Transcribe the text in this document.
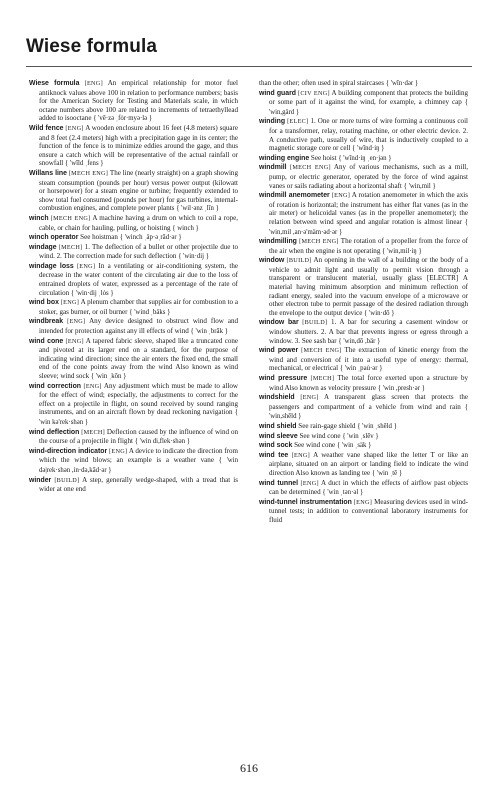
Wiese formula

Wiese formula [ENG] An empirical relationship for motor fuel antiknock values above 100 in relation to performance numbers; basis for the American Society for Testing and Materials scale, in which octane numbers above 100 are related to increments of tetraethyllead added to isooctane { 'vē·zə ˌfȯr·myə·lə }

Wild fence [ENG] A wooden enclosure about 16 feet (4.8 meters) square and 8 feet (2.4 meters) high with a precipitation gage in its center; the function of the fence is to minimize eddies around the gage, and thus ensure a catch which will be representative of the actual rainfall or snowfall { 'wīld ˌfens }

Willans line [MECH ENG] The line (nearly straight) on a graph showing steam consumption (pounds per hour) versus power output (kilowatt or horsepower) for a steam engine or turbine; frequently extended to show total fuel consumed (pounds per hour) for gas turbines, internal-combustion engines, and complete power plants { 'wil·ənz ˌlīn }

winch [MECH ENG] A machine having a drum on which to coil a rope, cable, or chain for hauling, pulling, or hoisting { winch }

winch operator See hoistman { 'winch ˌäp·əˌrād·ər }

windage [MECH] 1. The deflection of a bullet or other projectile due to wind. 2. The correction made for such deflection { 'win·dij }

windage loss [ENG] In a ventilating or air-conditioning system, the decrease in the water content of the circulating air due to the loss of entrained droplets of water, expressed as a percentage of the rate of circulation { 'win·dij ˌlȯs }

wind box [ENG] A plenum chamber that supplies air for combustion to a stoker, gas burner, or oil burner { 'wind ˌbäks }

windbreak [ENG] Any device designed to obstruct wind flow and intended for protection against any ill effects of wind { 'win ˌbrāk }

wind cone [ENG] A tapered fabric sleeve, shaped like a truncated cone and pivoted at its larger end on a standard, for the purpose of indicating wind direction; since the air enters the fixed end, the small end of the cone points away from the wind Also known as wind sleeve; wind sock { 'win ˌkōn }

wind correction [ENG] Any adjustment which must be made to allow for the effect of wind; especially, the adjustments to correct for the effect on a projectile in flight, on sound received by sound ranging instruments, and on an aircraft flown by dead reckoning navigation { 'win kə'rek·shən }

wind deflection [MECH] Deflection caused by the influence of wind on the course of a projectile in flight { 'win di,flek·shən }

wind-direction indicator [ENG] A device to indicate the direction from which the wind blows; an example is a weather vane { 'win də|rek·shən ,in·də,kād·ər }

winder [BUILD] A step, generally wedge-shaped, with a tread that is wider at one end

than the other; often used in spiral staircases { 'wīn·dər }

wind guard [CIV ENG] A building component that protects the building or some part of it against the wind, for example, a chimney cap { 'win,gärd }

winding [ELEC] 1. One or more turns of wire forming a continuous coil for a transformer, relay, rotating machine, or other electric device. 2. A conductive path, usually of wire, that is inductively coupled to a magnetic storage core or cell { 'wīnd·iŋ }

winding engine See hoist { 'wīnd·iŋ ˌen·jən }

windmill [MECH ENG] Any of various mechanisms, such as a mill, pump, or electric generator, operated by the force of wind against vanes or sails radiating about a horizontal shaft { 'win,mil }

windmill anemometer [ENG] A rotation anemometer in which the axis of rotation is horizontal; the instrument has either flat vanes (as in the air meter) or helicoidal vanes (as in the propeller anemometer); the relation between wind speed and angular rotation is almost linear { 'win,mil ,an·ə'mäm·əd·ər }

windmilling [MECH ENG] The rotation of a propeller from the force of the air when the engine is not operating { 'win,mil·iŋ }

window [BUILD] An opening in the wall of a building or the body of a vehicle to admit light and usually to permit vision through a transparent or translucent material, usually glass [ELECTR] A material having minimum absorption and minimum reflection of radiant energy, sealed into the vacuum envelope of a microwave or other electron tube to permit passage of the desired radiation through the envelope to the output device { 'win·dō }

window bar [BUILD] 1. A bar for securing a casement window or window shutters. 2. A bar that prevents ingress or egress through a window. 3. See sash bar { 'win,dō ,bär }

wind power [MECH ENG] The extraction of kinetic energy from the wind and conversion of it into a useful type of energy: thermal, mechanical, or electrical { 'win ˌpau̇·ər }

wind pressure [MECH] The total force exerted upon a structure by wind Also known as velocity pressure { 'win ,presh·ər }

windshield [ENG] A transparent glass screen that protects the passengers and compartment of a vehicle from wind and rain { 'win,shēld }

wind shield See rain-gage shield { 'win ˌshēld }

wind sleeve See wind cone { 'win ˌslēv }

wind sock See wind cone { 'win ˌsäk }

wind tee [ENG] A weather vane shaped like the letter T or like an airplane, situated on an airport or landing field to indicate the wind direction Also known as landing tee { 'win ˌtē }

wind tunnel [ENG] A duct in which the effects of airflow past objects can be determined { 'win ˌtən·əl }

wind-tunnel instrumentation [ENG] Measuring devices used in wind-tunnel tests; in addition to conventional laboratory instruments for fluid

616
